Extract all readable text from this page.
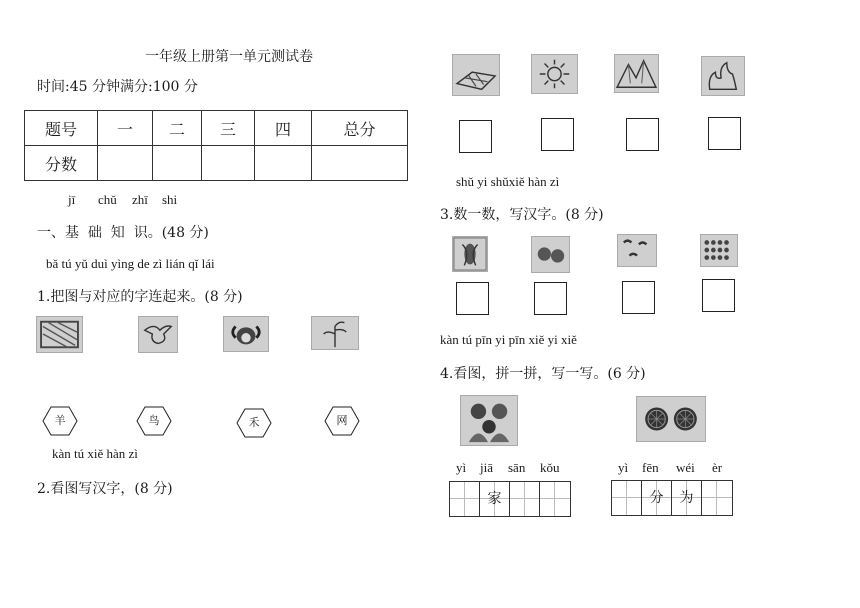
一年级上册第一单元测试卷
时间:45 分钟满分:100 分
题号	一	二	三	四	总分
分数					
jī chǔ zhī shi
一、基  础  知  识。(48 分)
bǎ tú yǔ duì yìng de zì lián qǐ lái
1.把图与对应的字连起来。(8 分)
羊	鸟	禾	网
kàn tú xiě hàn zì
2.看图写汉字，(8 分)
shǔ yi shǔxiě hàn zì
3.数一数，写汉字。(8 分)
kàn tú pīn yi pīn xiě yi xiě
4.看图，拼一拼，写一写。(6 分)
yì jiā sān kǒu	yì fēn wéi èr
家	分	为
